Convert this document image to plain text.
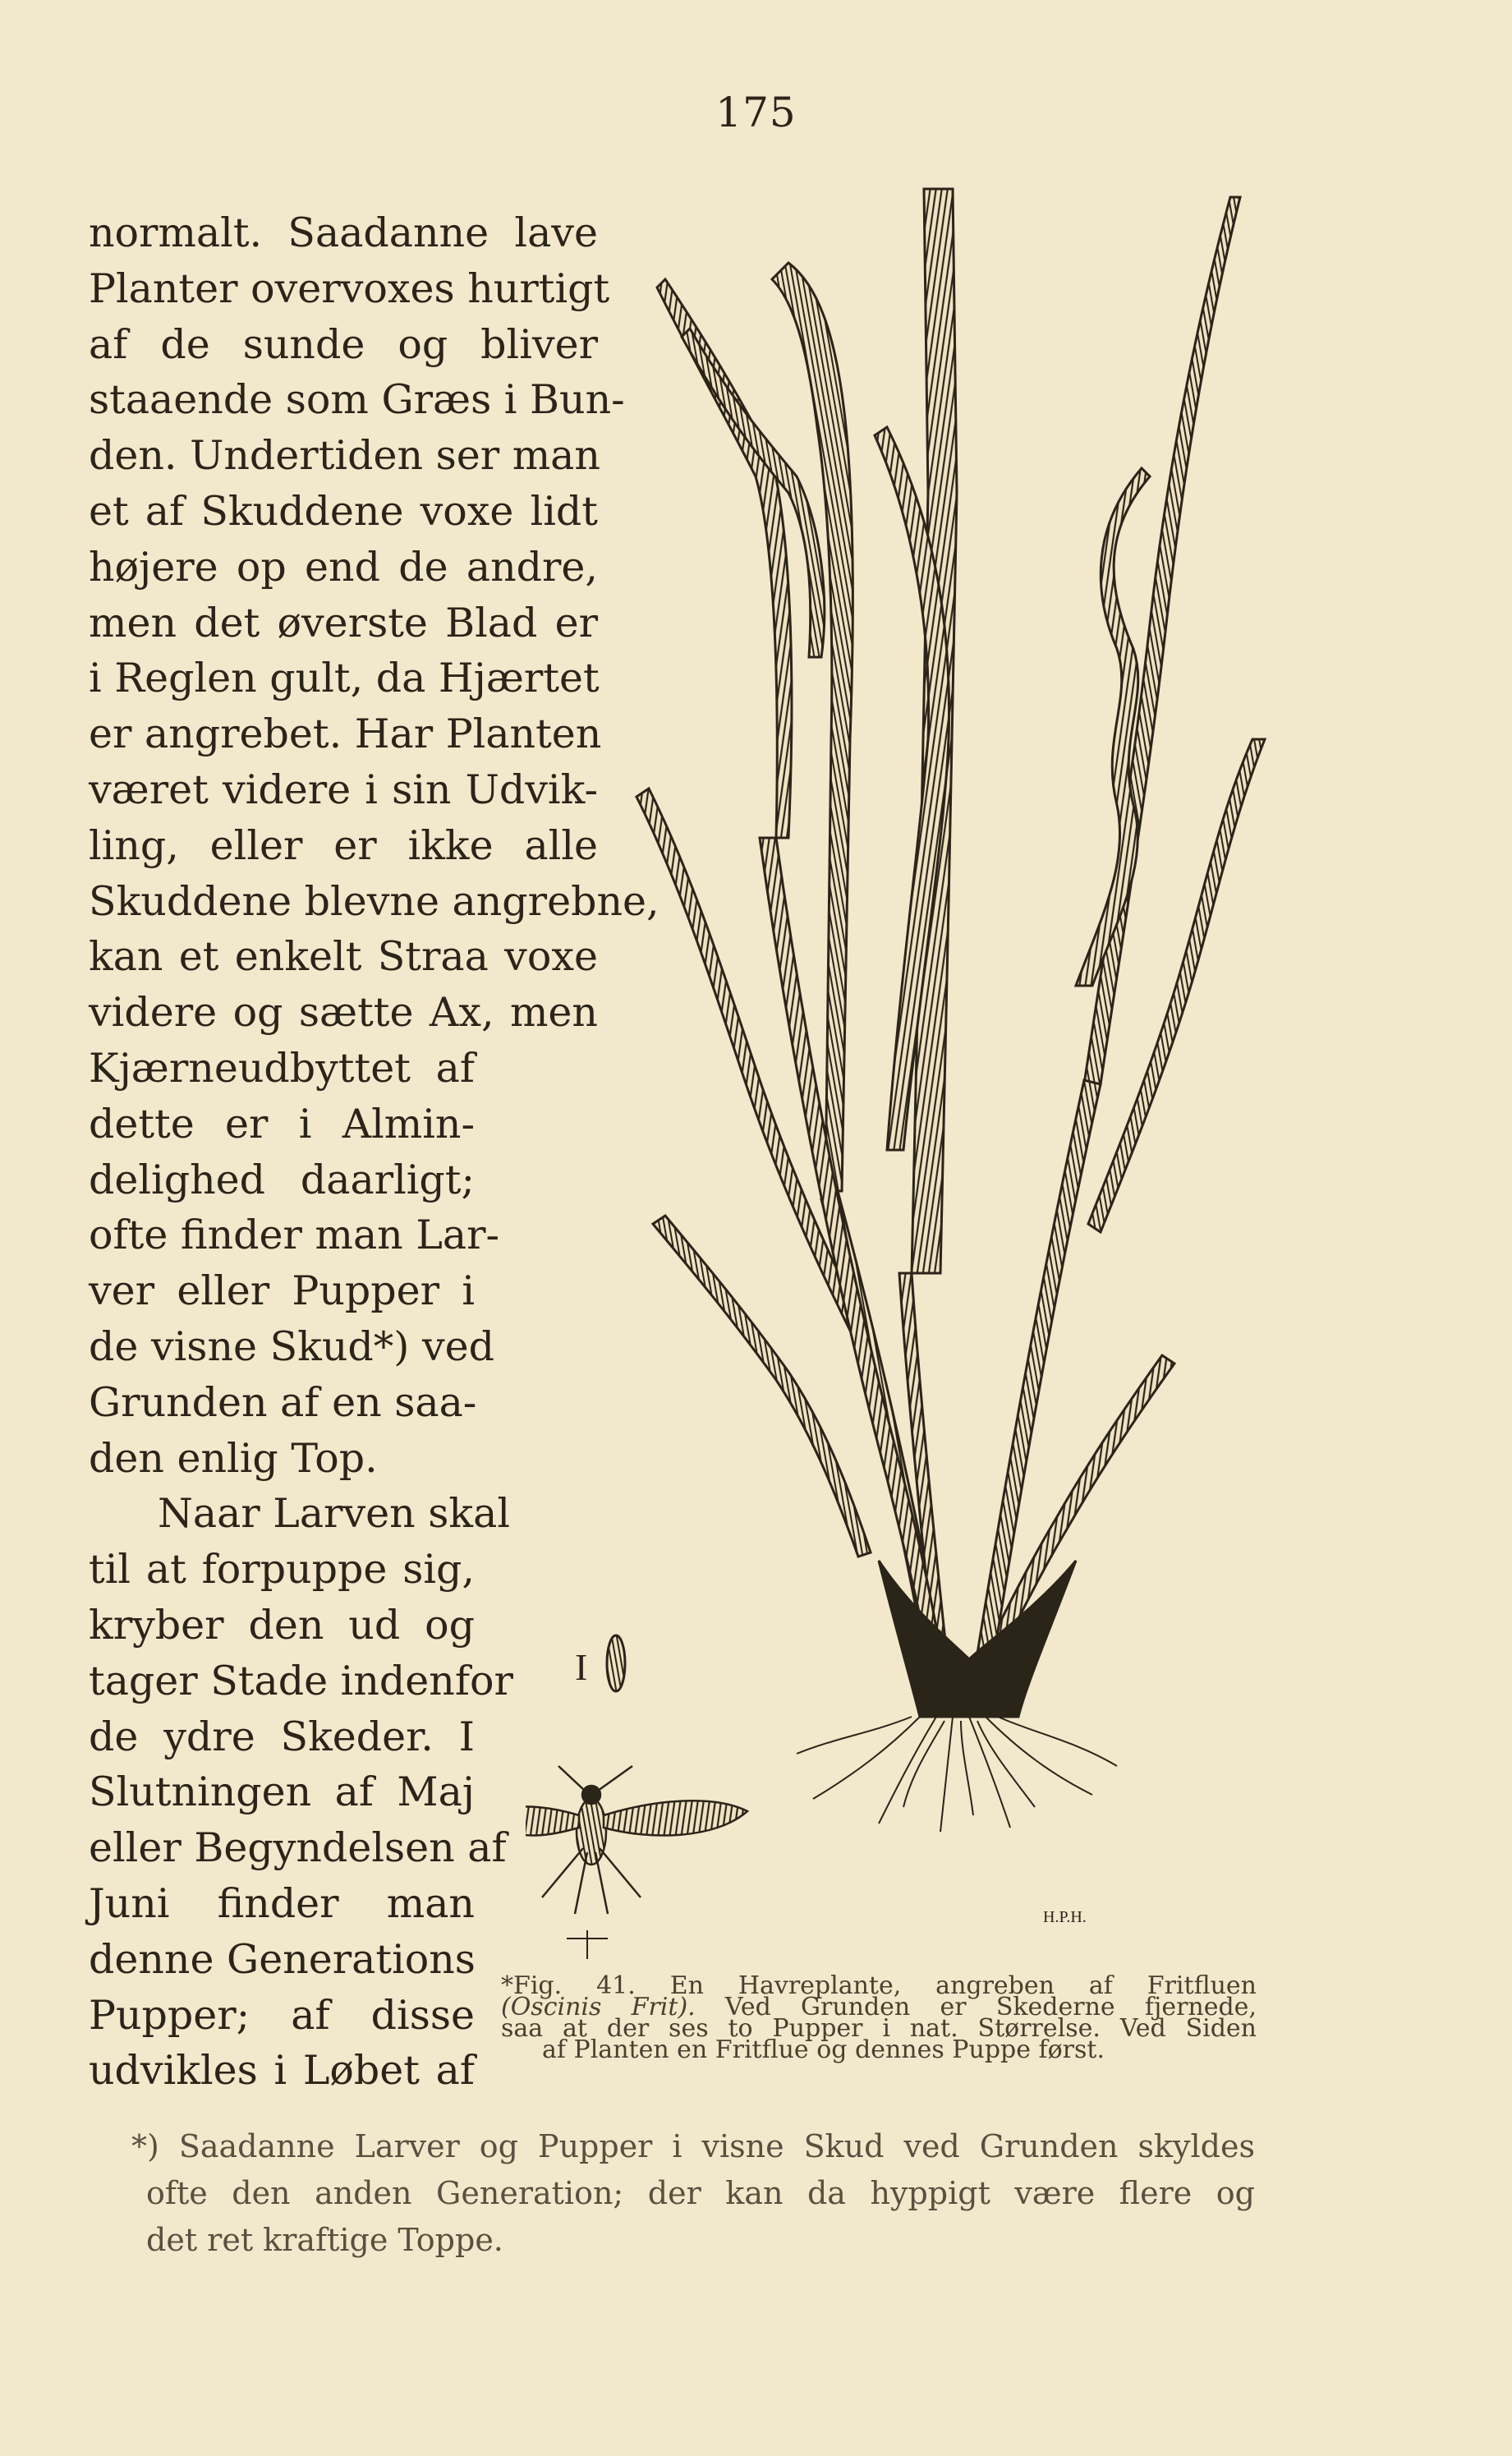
175
normalt. Saadanne lave
Planter overvoxes hurtigt
af de sunde og bliver
staaende som Græs i Bun-
den. Undertiden ser man
et af Skuddene voxe lidt
højere op end de andre,
men det øverste Blad er
i Reglen gult, da Hjærtet
er angrebet. Har Planten
været videre i sin Udvik-
ling, eller er ikke alle
Skuddene blevne angrebne,
kan et enkelt Straa voxe
videre og sætte Ax, men
Kjærneudbyttet af
dette er i Almin-
delighed daarligt;
ofte finder man Lar-
ver eller Pupper i
de visne Skud*) ved
Grunden af en saa-
den enlig Top.
Naar Larven skal
til at forpuppe sig,
kryber den ud og
tager Stade indenfor
de ydre Skeder. I
Slutningen af Maj
eller Begyndelsen af
Juni finder man
denne Generations
Pupper; af disse
udvikles i Løbet af
I
H.P.H.
*Fig. 41. En Havreplante, angreben af Fritfluen
(Oscinis Frit). Ved Grunden er Skederne fjernede,
saa at der ses to Pupper i nat. Størrelse. Ved Siden
af Planten en Fritflue og dennes Puppe først.
*) Saadanne Larver og Pupper i visne Skud ved Grunden skyldes
ofte den anden Generation; der kan da hyppigt være flere og
det ret kraftige Toppe.
